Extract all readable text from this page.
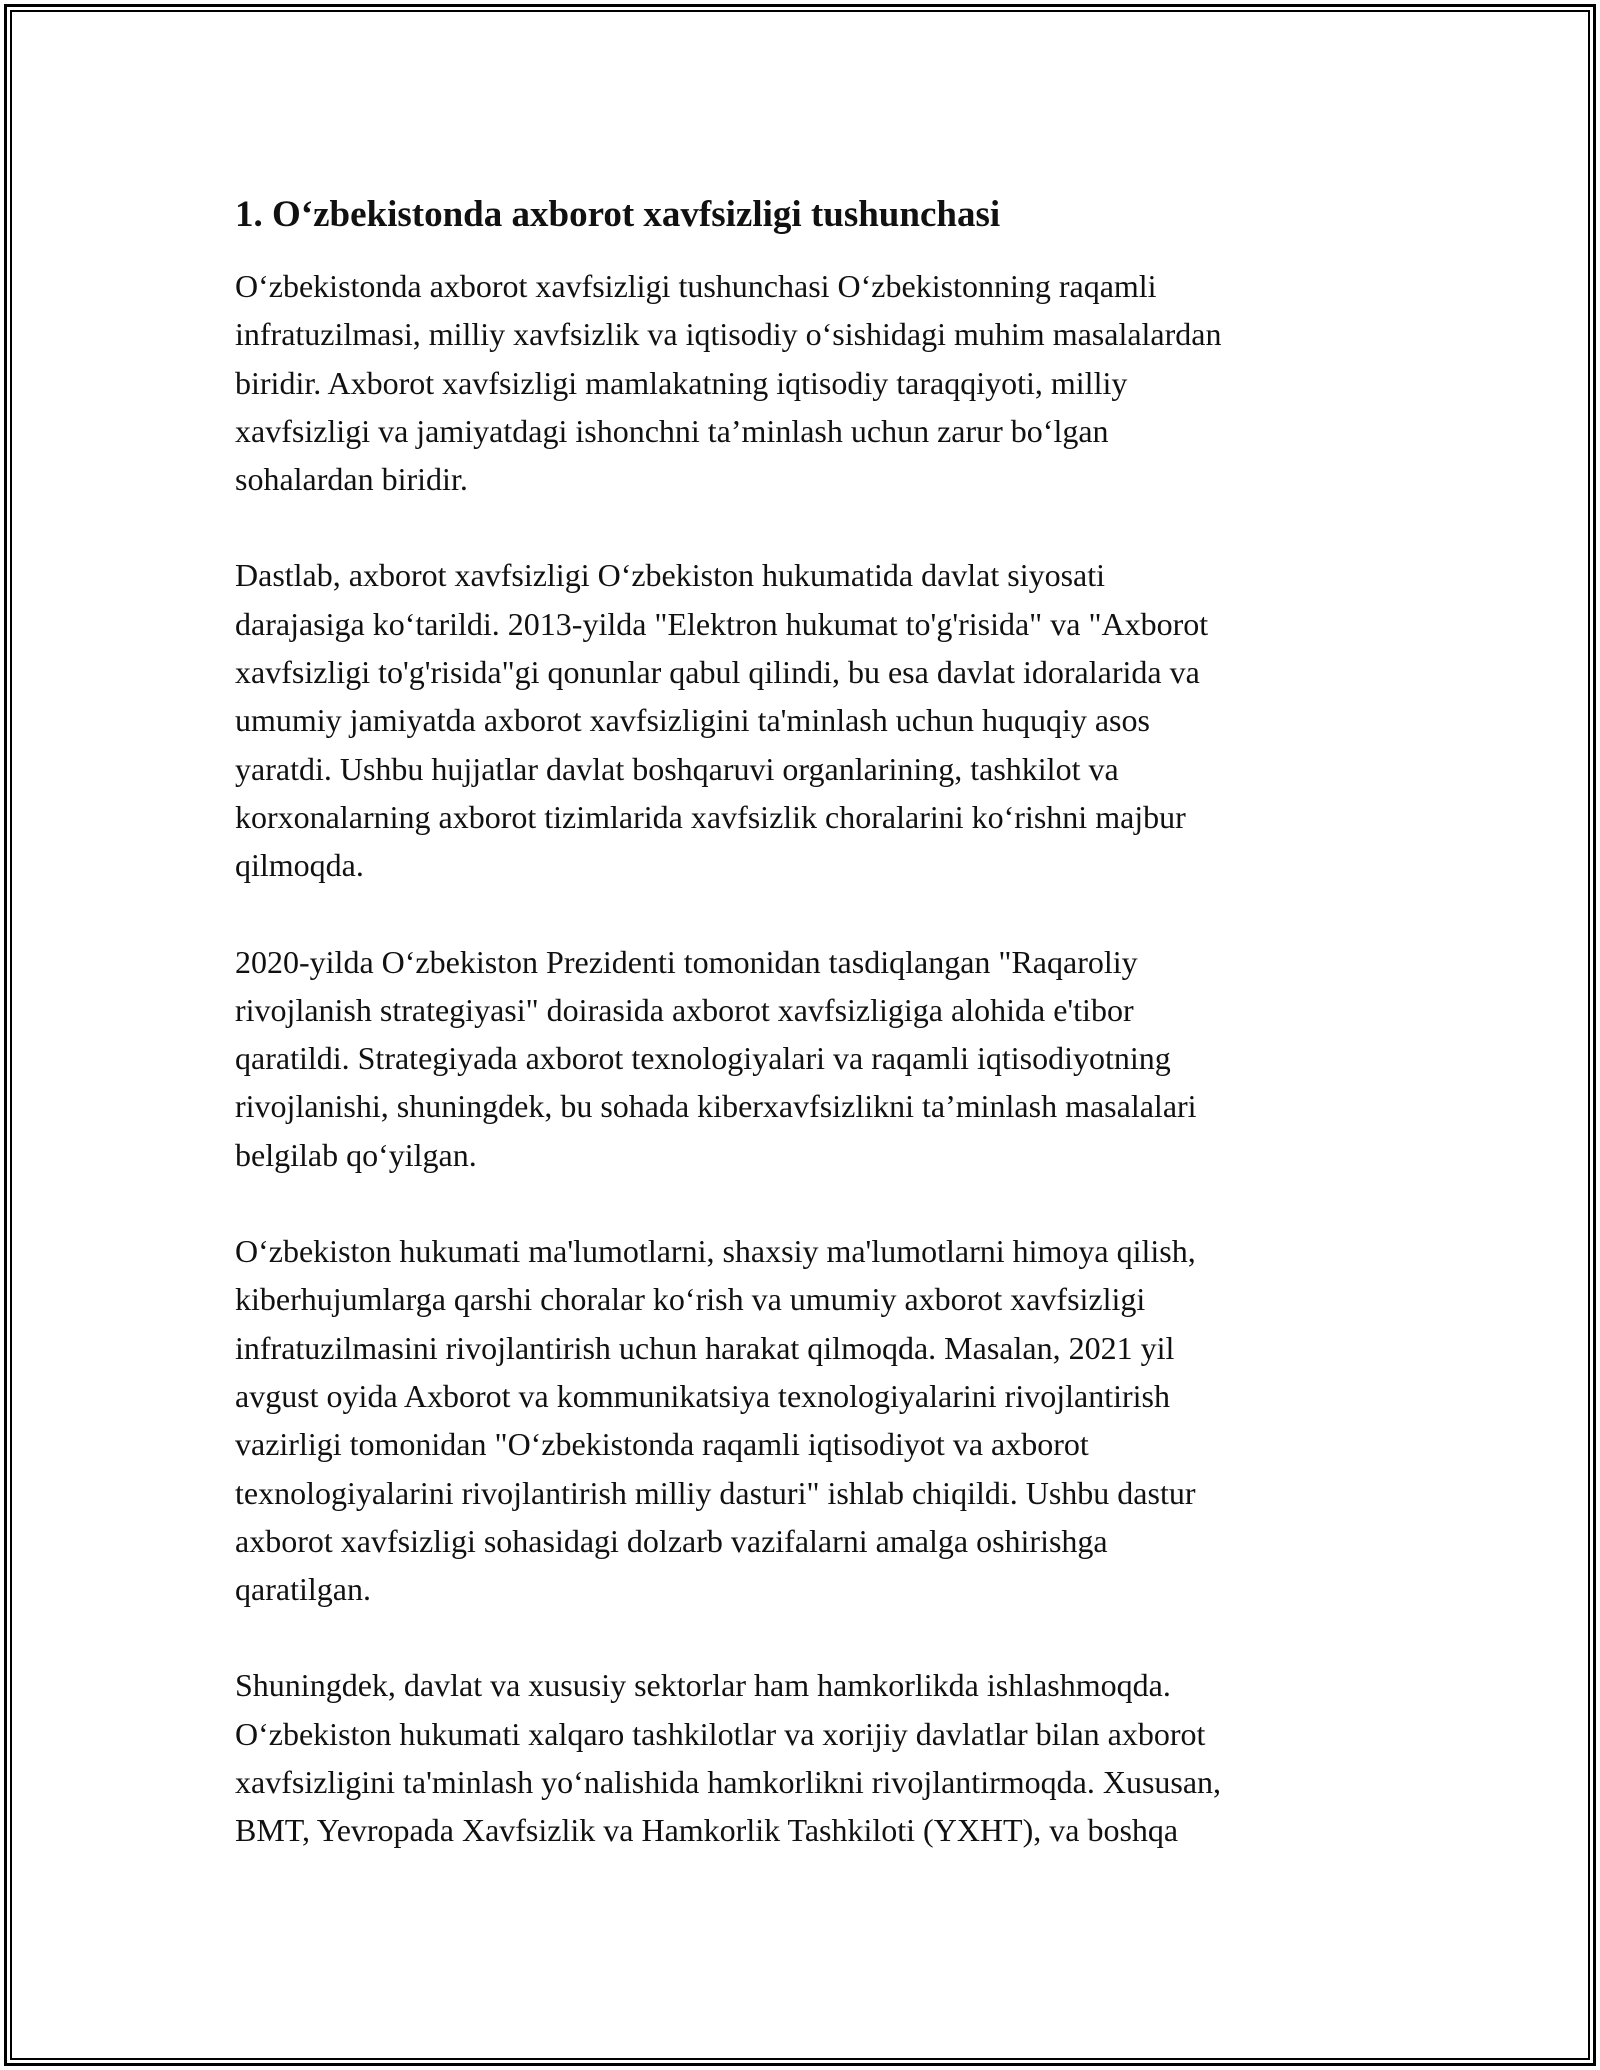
1. O‘zbekistonda axborot xavfsizligi tushunchasi

O‘zbekistonda axborot xavfsizligi tushunchasi O‘zbekistonning raqamli
infratuzilmasi, milliy xavfsizlik va iqtisodiy o‘sishidagi muhim masalalardan
biridir. Axborot xavfsizligi mamlakatning iqtisodiy taraqqiyoti, milliy
xavfsizligi va jamiyatdagi ishonchni ta’minlash uchun zarur bo‘lgan
sohalardan biridir.

Dastlab, axborot xavfsizligi O‘zbekiston hukumatida davlat siyosati
darajasiga ko‘tarildi. 2013-yilda "Elektron hukumat to'g'risida" va "Axborot
xavfsizligi to'g'risida"gi qonunlar qabul qilindi, bu esa davlat idoralarida va
umumiy jamiyatda axborot xavfsizligini ta'minlash uchun huquqiy asos
yaratdi. Ushbu hujjatlar davlat boshqaruvi organlarining, tashkilot va
korxonalarning axborot tizimlarida xavfsizlik choralarini ko‘rishni majbur
qilmoqda.

2020-yilda O‘zbekiston Prezidenti tomonidan tasdiqlangan "Raqaroliy
rivojlanish strategiyasi" doirasida axborot xavfsizligiga alohida e'tibor
qaratildi. Strategiyada axborot texnologiyalari va raqamli iqtisodiyotning
rivojlanishi, shuningdek, bu sohada kiberxavfsizlikni ta’minlash masalalari
belgilab qo‘yilgan.

O‘zbekiston hukumati ma'lumotlarni, shaxsiy ma'lumotlarni himoya qilish,
kiberhujumlarga qarshi choralar ko‘rish va umumiy axborot xavfsizligi
infratuzilmasini rivojlantirish uchun harakat qilmoqda. Masalan, 2021 yil
avgust oyida Axborot va kommunikatsiya texnologiyalarini rivojlantirish
vazirligi tomonidan "O‘zbekistonda raqamli iqtisodiyot va axborot
texnologiyalarini rivojlantirish milliy dasturi" ishlab chiqildi. Ushbu dastur
axborot xavfsizligi sohasidagi dolzarb vazifalarni amalga oshirishga
qaratilgan.

Shuningdek, davlat va xususiy sektorlar ham hamkorlikda ishlashmoqda.
O‘zbekiston hukumati xalqaro tashkilotlar va xorijiy davlatlar bilan axborot
xavfsizligini ta'minlash yo‘nalishida hamkorlikni rivojlantirmoqda. Xususan,
BMT, Yevropada Xavfsizlik va Hamkorlik Tashkiloti (YXHT), va boshqa
